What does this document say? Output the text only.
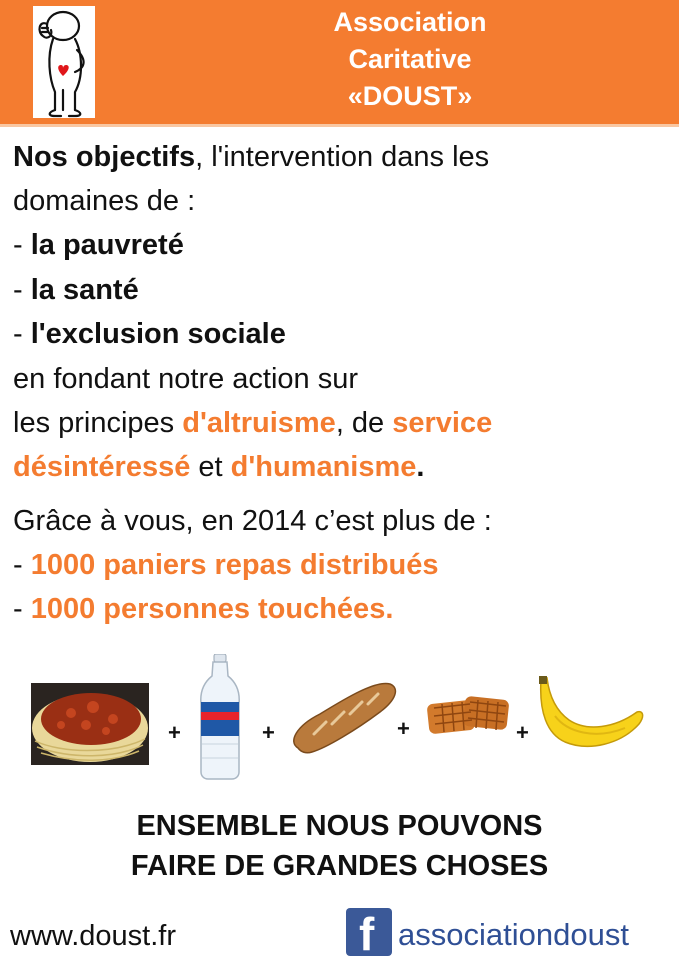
Association
Caritative
«DOUST»
Nos objectifs, l'intervention dans les
domaines de :
- la pauvreté
- la santé
- l'exclusion sociale
en fondant notre action sur
les principes d'altruisme, de service
désintéressé et d'humanisme.
Grâce à vous, en 2014 c’est plus de :
- 1000 paniers repas distribués
- 1000 personnes touchées.
+	+	+	+
ENSEMBLE NOUS POUVONS
FAIRE DE GRANDES CHOSES
www.doust.fr	f associationdoust
